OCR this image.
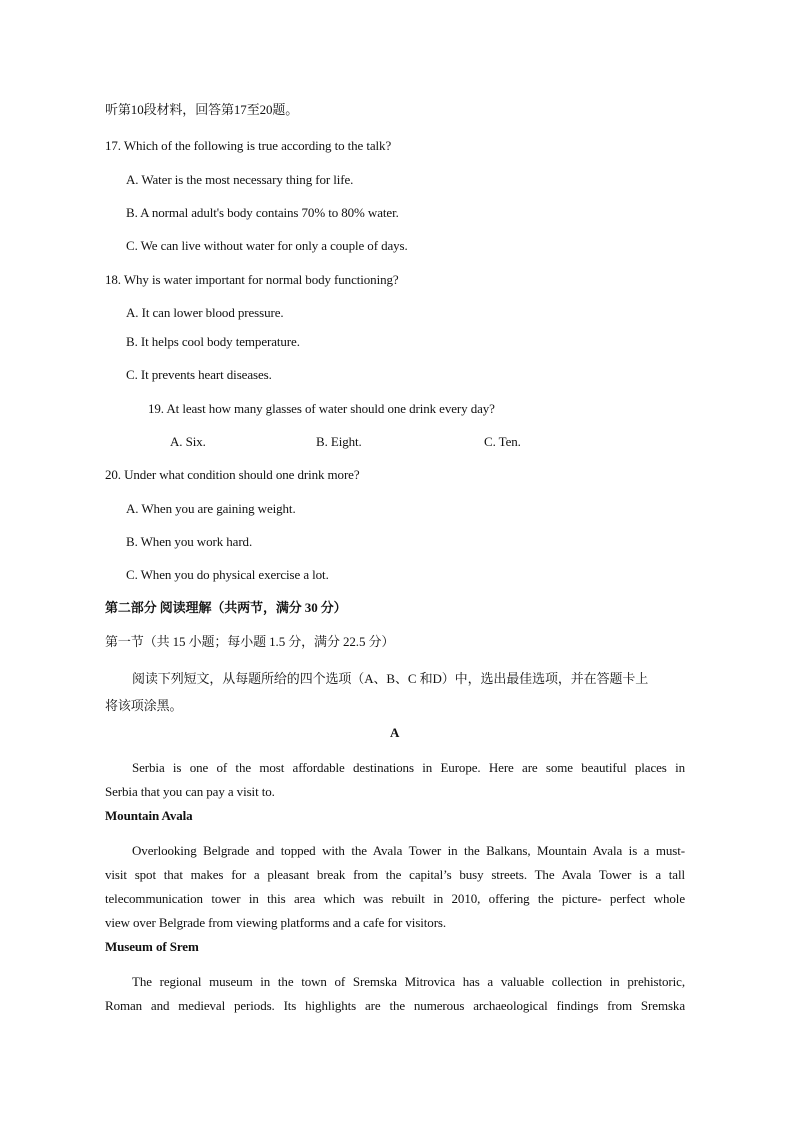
听第10段材料，回答第17至20题。
17. Which of the following is true according to the talk?
A. Water is the most necessary thing for life.
B. A normal adult's body contains 70% to 80% water.
C. We can live without water for only a couple of days.
18. Why is water important for normal body functioning?
A. It can lower blood pressure.
B. It helps cool body temperature.
C. It prevents heart diseases.
19. At least how many glasses of water should one drink every day?
A. Six.	B. Eight.	C. Ten.
20. Under what condition should one drink more?
A. When you are gaining weight.
B. When you work hard.
C. When you do physical exercise a lot.
第二部分 阅读理解（共两节，满分 30 分）
第一节（共 15 小题；每小题 1.5 分，满分 22.5 分）
阅读下列短文，从每题所给的四个选项（A、B、C 和D）中，选出最佳选项，并在答题卡上
将该项涂黑。
A
Serbia is one of the most affordable destinations in Europe. Here are some beautiful places in
Serbia that you can pay a visit to.
Mountain Avala
Overlooking Belgrade and topped with the Avala Tower in the Balkans, Mountain Avala is a must-
visit spot that makes for a pleasant break from the capital’s busy streets. The Avala Tower is a tall
telecommunication tower in this area which was rebuilt in 2010, offering the picture- perfect whole
view over Belgrade from viewing platforms and a cafe for visitors.
Museum of Srem
The regional museum in the town of Sremska Mitrovica has a valuable collection in prehistoric,
Roman and medieval periods. Its highlights are the numerous archaeological findings from Sremska
